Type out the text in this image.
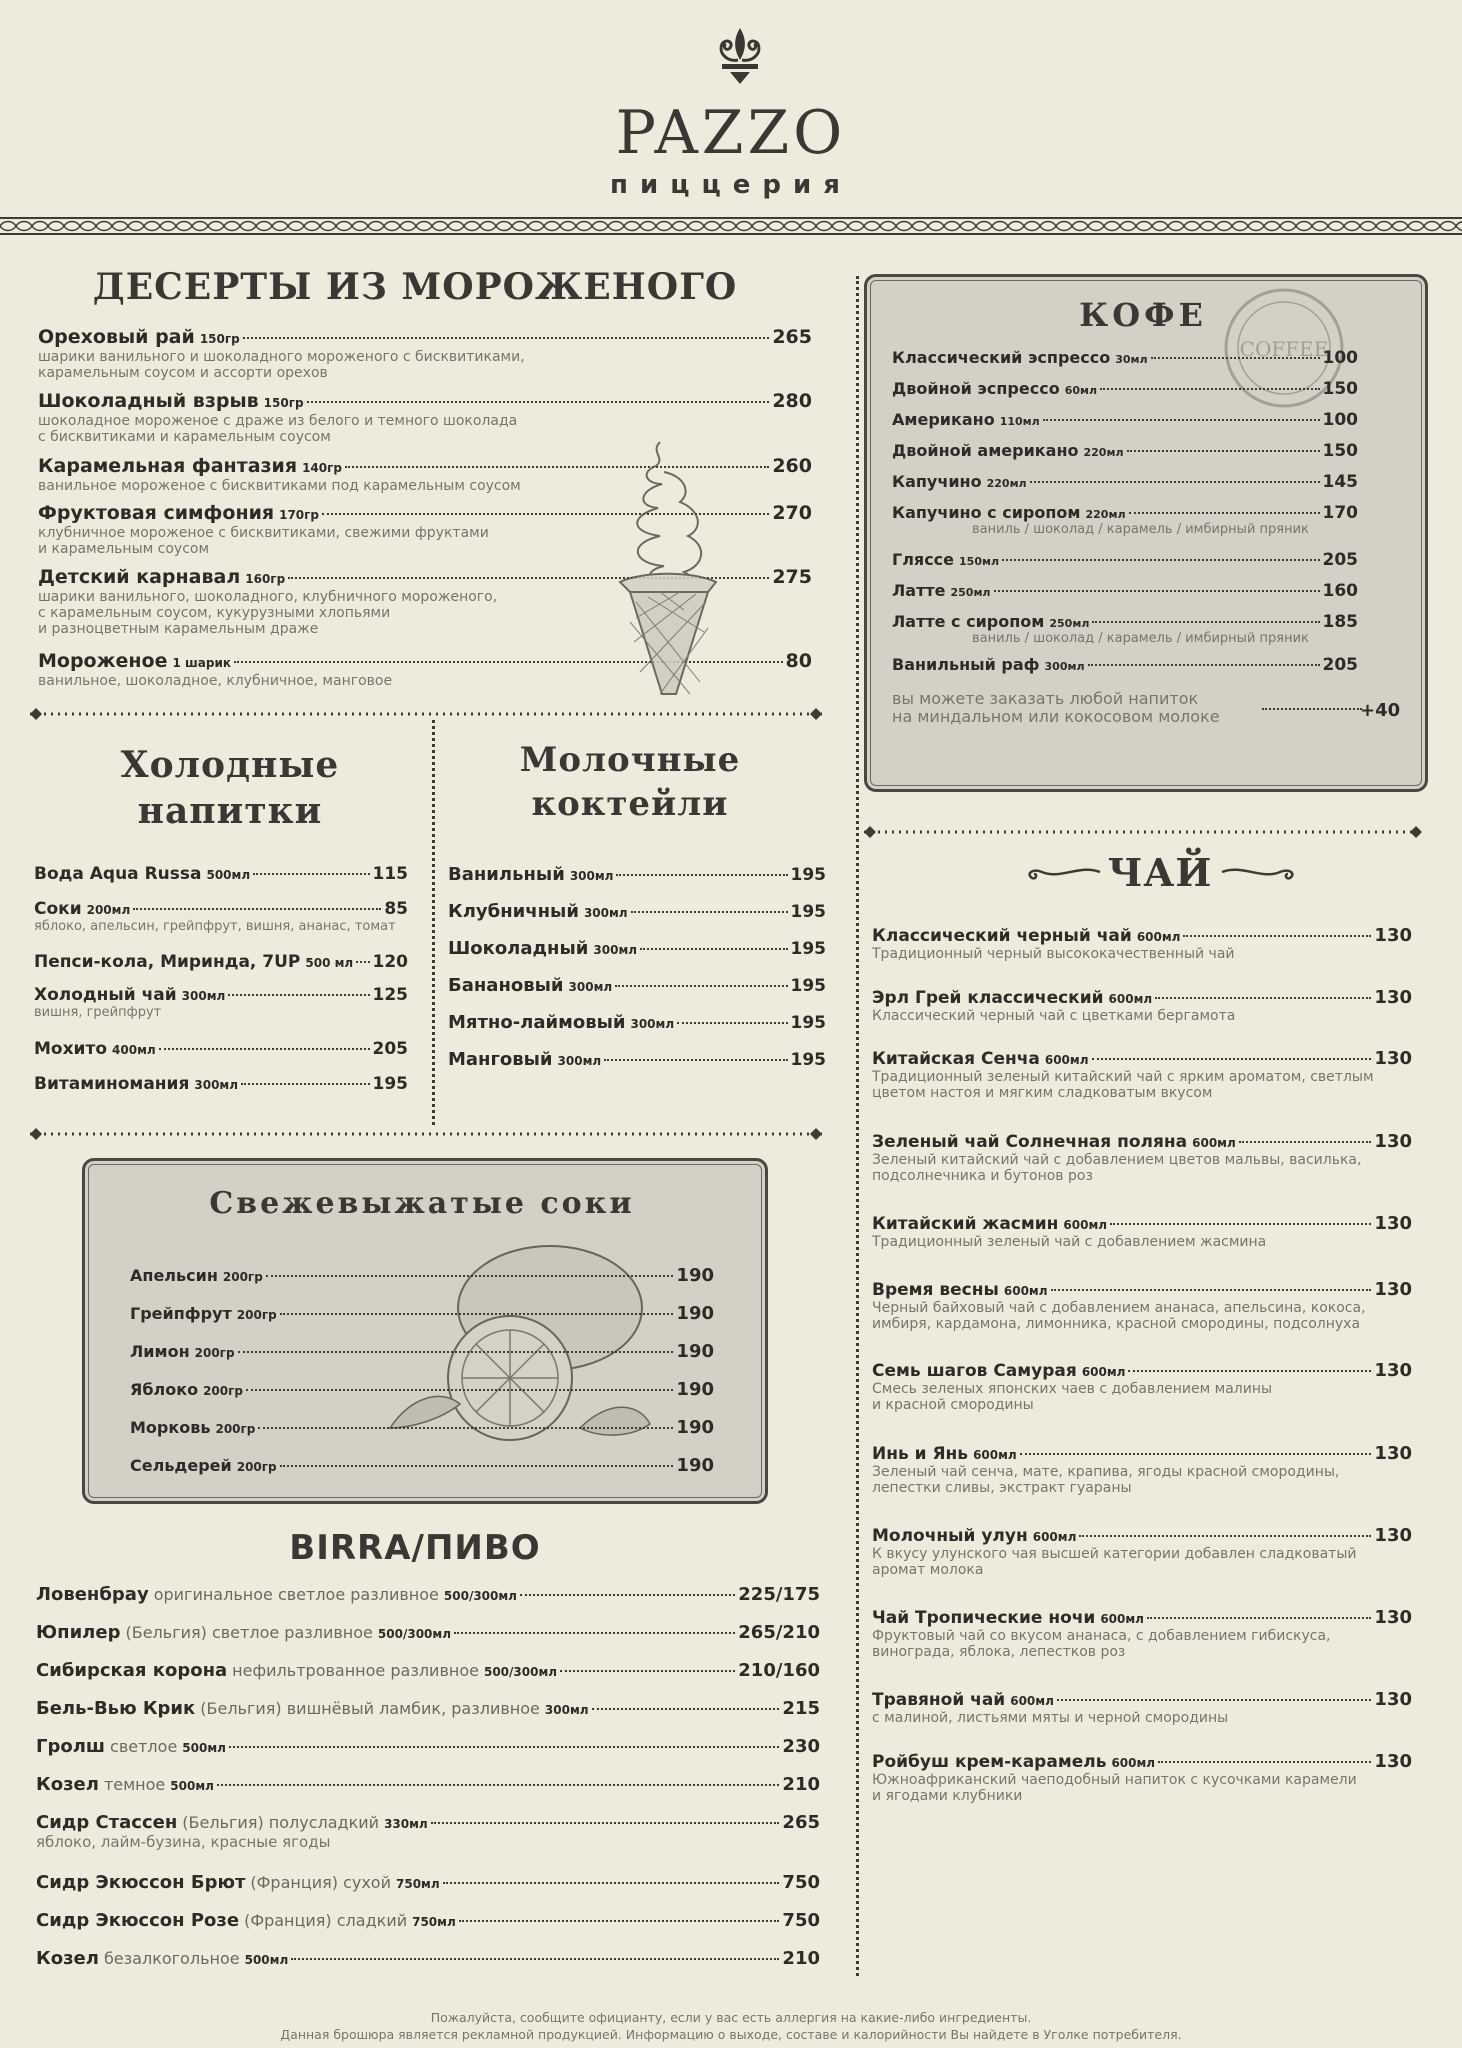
PAZZO
пиццерия
ДЕСЕРТЫ ИЗ МОРОЖЕНОГО
Ореховый рай 150гр	265
шарики ванильного и шоколадного мороженого с бисквитиками,
карамельным соусом и ассорти орехов
Шоколадный взрыв 150гр	280
шоколадное мороженое с драже из белого и темного шоколада
с бисквитиками и карамельным соусом
Карамельная фантазия 140гр	260
ванильное мороженое с бисквитиками под карамельным соусом
Фруктовая симфония 170гр	270
клубничное мороженое с бисквитиками, свежими фруктами
и карамельным соусом
Детский карнавал 160гр	275
шарики ванильного, шоколадного, клубничного мороженого,
с карамельным соусом, кукурузными хлопьями
и разноцветным карамельным драже
Мороженое 1 шарик	80
ванильное, шоколадное, клубничное, манговое
Холодные
напитки
Вода Aqua Russa 500мл	115
Соки 200мл	85
яблоко, апельсин, грейпфрут, вишня, ананас, томат
Пепси-кола, Миринда, 7UP 500 мл 120
Холодный чай 300мл	125
вишня, грейпфрут
Мохито 400мл	205
Витаминомания 300мл	195
Молочные
коктейли
Ванильный 300мл	195
Клубничный 300мл	195
Шоколадный 300мл	195
Банановый 300мл	195
Мятно-лаймовый 300мл	195
Манговый 300мл	195
Свежевыжатые соки
Апельсин 200гр	190
Грейпфрут 200гр	190
Лимон 200гр	190
Яблоко 200гр	190
Морковь 200гр	190
Сельдерей 200гр	190
BIRRA/ПИВО
Ловенбрау оригинальное светлое разливное 500/300мл	225/175
Юпилер (Бельгия) светлое разливное 500/300мл	265/210
Сибирская корона нефильтрованное разливное 500/300мл	210/160
Бель-Вью Крик (Бельгия) вишнёвый ламбик, разливное 300мл	215
Гролш светлое 500мл	230
Козел темное 500мл	210
Сидр Стассен (Бельгия) полусладкий 330мл	265
яблоко, лайм-бузина, красные ягоды
Сидр Экюссон Брют (Франция) сухой 750мл	750
Сидр Экюссон Розе (Франция) сладкий 750мл	750
Козел безалкогольное 500мл	210
КОФЕ
COFFEE
Классический эспрессо 30мл	100
Двойной эспрессо 60мл	150
Американо 110мл	100
Двойной американо 220мл	150
Капучино 220мл	145
Капучино с сиропом 220мл	170
ваниль / шоколад / карамель / имбирный пряник
Гляссе 150мл	205
Латте 250мл	160
Латте с сиропом 250мл	185
ваниль / шоколад / карамель / имбирный пряник
Ванильный раф 300мл	205
вы можете заказать любой напиток
на миндальном или кокосовом молоке	+40
ЧАЙ
Классический черный чай 600мл	130
Традиционный черный высококачественный чай
Эрл Грей классический 600мл	130
Классический черный чай с цветками бергамота
Китайская Сенча 600мл	130
Традиционный зеленый китайский чай с ярким ароматом, светлым
цветом настоя и мягким сладковатым вкусом
Зеленый чай Солнечная поляна 600мл	130
Зеленый китайский чай с добавлением цветов мальвы, василька,
подсолнечника и бутонов роз
Китайский жасмин 600мл	130
Традиционный зеленый чай с добавлением жасмина
Время весны 600мл	130
Черный байховый чай с добавлением ананаса, апельсина, кокоса,
имбиря, кардамона, лимонника, красной смородины, подсолнуха
Семь шагов Самурая 600мл	130
Смесь зеленых японских чаев с добавлением малины
и красной смородины
Инь и Янь 600мл	130
Зеленый чай сенча, мате, крапива, ягоды красной смородины,
лепестки сливы, экстракт гуараны
Молочный улун 600мл	130
К вкусу улунского чая высшей категории добавлен сладковатый
аромат молока
Чай Тропические ночи 600мл	130
Фруктовый чай со вкусом ананаса, с добавлением гибискуса,
винограда, яблока, лепестков роз
Травяной чай 600мл	130
с малиной, листьями мяты и черной смородины
Ройбуш крем-карамель 600мл	130
Южноафриканский чаеподобный напиток с кусочками карамели
и ягодами клубники
Пожалуйста, сообщите официанту, если у вас есть аллергия на какие-либо ингредиенты.
Данная брошюра является рекламной продукцией. Информацию о выходе, составе и калорийности Вы найдете в Уголке потребителя.
